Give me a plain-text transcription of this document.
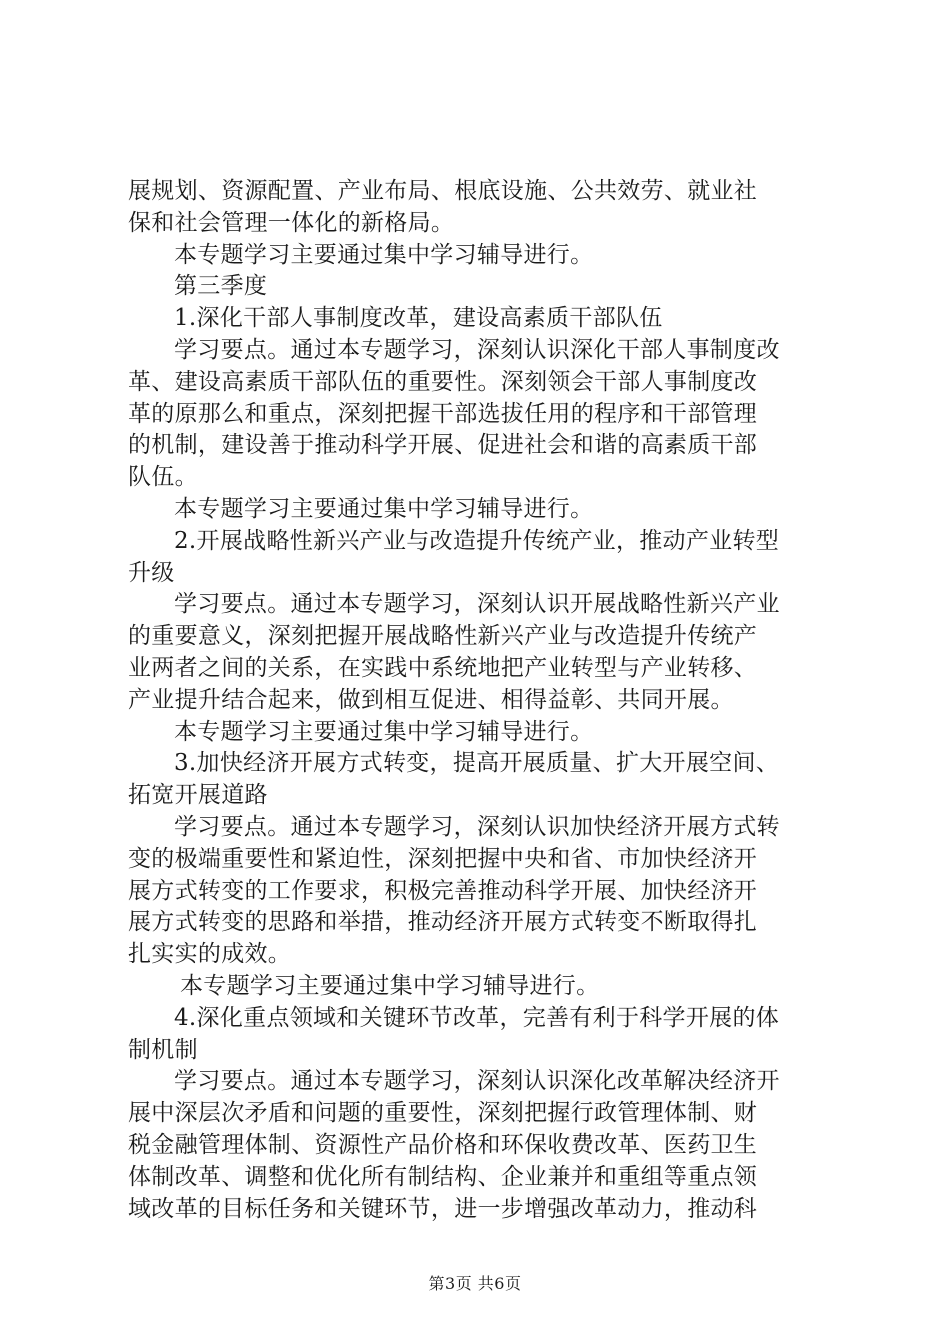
展规划、资源配置、产业布局、根底设施、公共效劳、就业社
保和社会管理一体化的新格局。
本专题学习主要通过集中学习辅导进行。
第三季度
1.深化干部人事制度改革，建设高素质干部队伍
学习要点。通过本专题学习，深刻认识深化干部人事制度改
革、建设高素质干部队伍的重要性。深刻领会干部人事制度改
革的原那么和重点，深刻把握干部选拔任用的程序和干部管理
的机制，建设善于推动科学开展、促进社会和谐的高素质干部
队伍。
本专题学习主要通过集中学习辅导进行。
2.开展战略性新兴产业与改造提升传统产业，推动产业转型
升级
学习要点。通过本专题学习，深刻认识开展战略性新兴产业
的重要意义，深刻把握开展战略性新兴产业与改造提升传统产
业两者之间的关系，在实践中系统地把产业转型与产业转移、
产业提升结合起来，做到相互促进、相得益彰、共同开展。
本专题学习主要通过集中学习辅导进行。
3.加快经济开展方式转变，提高开展质量、扩大开展空间、
拓宽开展道路
学习要点。通过本专题学习，深刻认识加快经济开展方式转
变的极端重要性和紧迫性，深刻把握中央和省、市加快经济开
展方式转变的工作要求，积极完善推动科学开展、加快经济开
展方式转变的思路和举措，推动经济开展方式转变不断取得扎
扎实实的成效。
本专题学习主要通过集中学习辅导进行。
4.深化重点领域和关键环节改革，完善有利于科学开展的体
制机制
学习要点。通过本专题学习，深刻认识深化改革解决经济开
展中深层次矛盾和问题的重要性，深刻把握行政管理体制、财
税金融管理体制、资源性产品价格和环保收费改革、医药卫生
体制改革、调整和优化所有制结构、企业兼并和重组等重点领
域改革的目标任务和关键环节，进一步增强改革动力，推动科
第3页 共6页
